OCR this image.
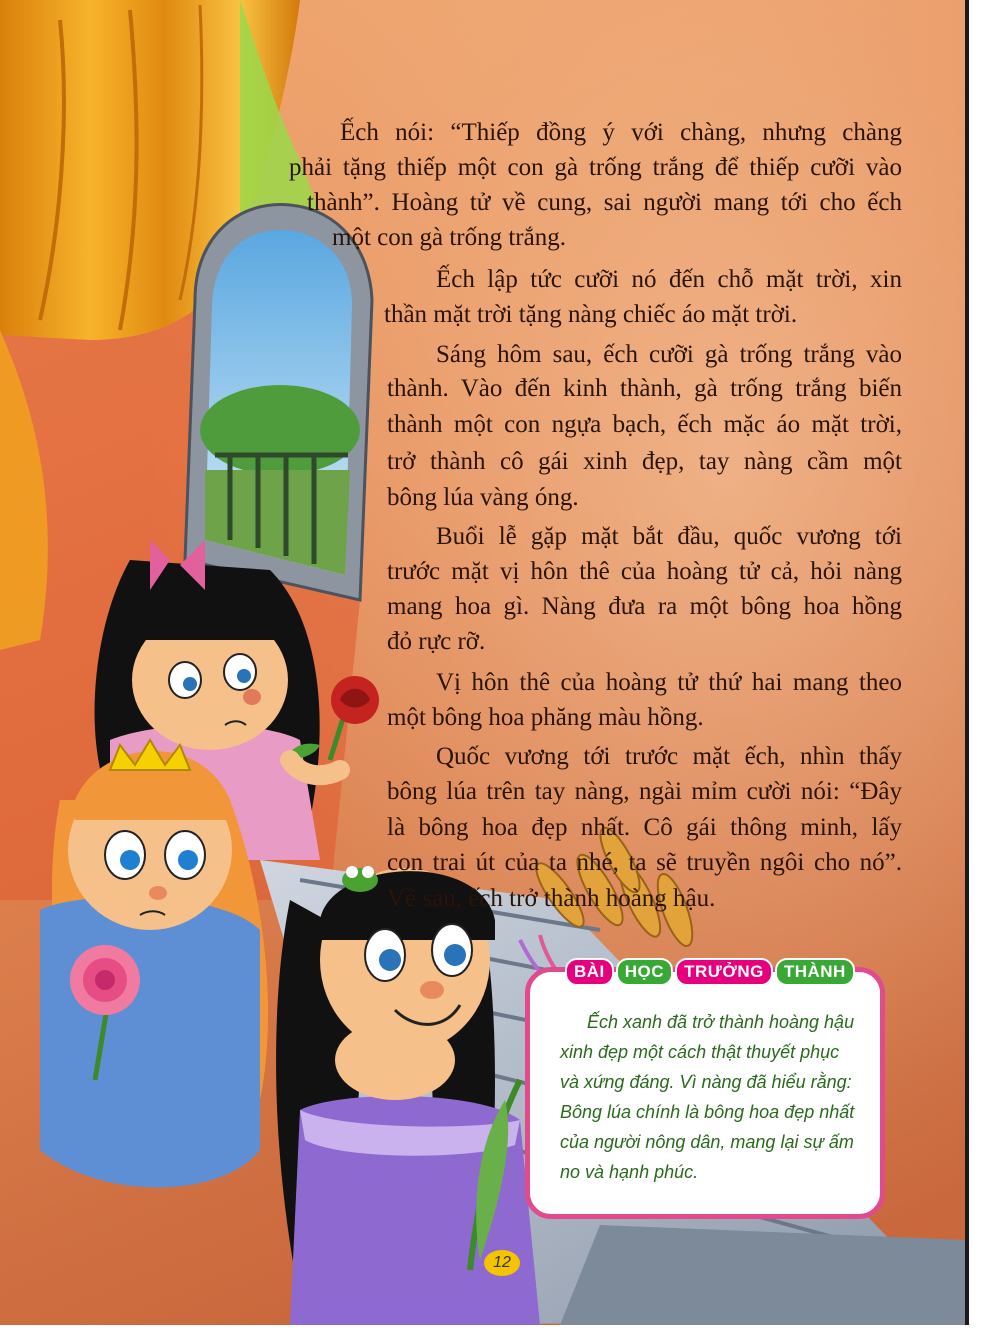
Ếch nói: “Thiếp đồng ý với chàng, nhưng chàng
phải tặng thiếp một con gà trống trắng để thiếp cưỡi vào
thành”. Hoàng tử về cung, sai người mang tới cho ếch
một con gà trống trắng.
Ếch lập tức cưỡi nó đến chỗ mặt trời, xin
thần mặt trời tặng nàng chiếc áo mặt trời.
Sáng hôm sau, ếch cưỡi gà trống trắng vào
thành. Vào đến kinh thành, gà trống trắng biến
thành một con ngựa bạch, ếch mặc áo mặt trời,
trở thành cô gái xinh đẹp, tay nàng cầm một
bông lúa vàng óng.
Buổi lễ gặp mặt bắt đầu, quốc vương tới
trước mặt vị hôn thê của hoàng tử cả, hỏi nàng
mang hoa gì. Nàng đưa ra một bông hoa hồng
đỏ rực rỡ.
Vị hôn thê của hoàng tử thứ hai mang theo
một bông hoa phăng màu hồng.
Quốc vương tới trước mặt ếch, nhìn thấy
bông lúa trên tay nàng, ngài mỉm cười nói: “Đây
là bông hoa đẹp nhất. Cô gái thông minh, lấy
con trai út của ta nhé, ta sẽ truyền ngôi cho nó”.
Về sau, ếch trở thành hoàng hậu.
BÀI	HỌC	TRƯỞNG	THÀNH
Ếch xanh đã trở thành hoàng hậu
xinh đẹp một cách thật thuyết phục
và xứng đáng. Vì nàng đã hiểu rằng:
Bông lúa chính là bông hoa đẹp nhất
của người nông dân, mang lại sự ấm
no và hạnh phúc.
12
